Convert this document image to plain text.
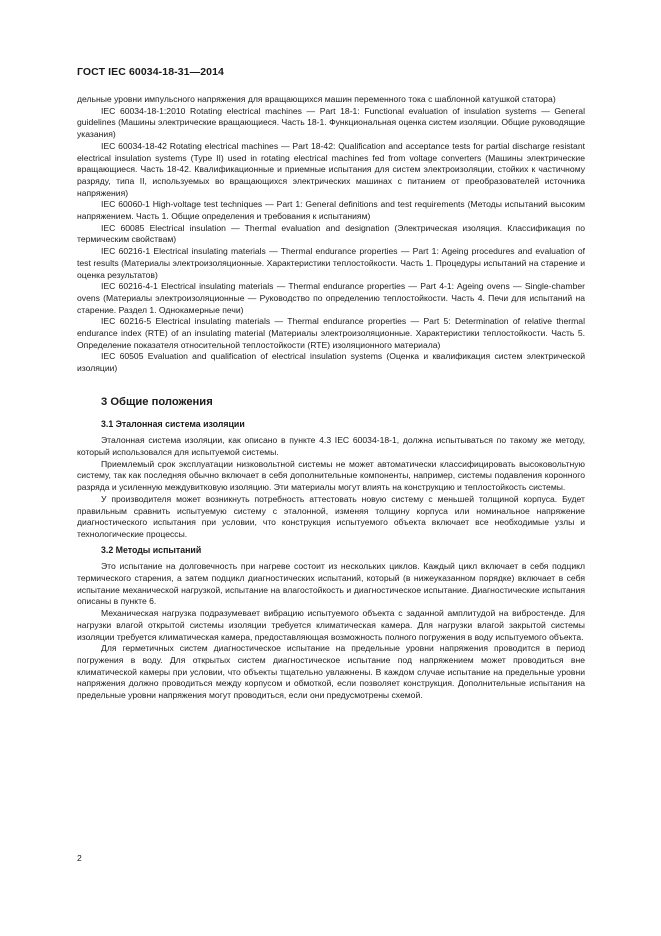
ГОСТ IEC 60034-18-31—2014

дельные уровни импульсного напряжения для вращающихся машин переменного тока с шаблонной катушкой статора)

IEC 60034-18-1:2010 Rotating electrical machines — Part 18-1: Functional evaluation of insulation systems — General guidelines (Машины электрические вращающиеся. Часть 18-1. Функциональная оценка систем изоляции. Общие руководящие указания)

IEC 60034-18-42 Rotating electrical machines — Part 18-42: Qualification and acceptance tests for partial discharge resistant electrical insulation systems (Type II) used in rotating electrical machines fed from voltage converters (Машины электрические вращающиеся. Часть 18-42. Квалификационные и приемные испытания для систем электроизоляции, стойких к частичному разряду, типа II, используемых во вращающихся электрических машинах с питанием от преобразователей источника напряжения)

IEC 60060-1 High-voltage test techniques — Part 1: General definitions and test requirements (Методы испытаний высоким напряжением. Часть 1. Общие определения и требования к испытаниям)

IEC 60085 Electrical insulation — Thermal evaluation and designation (Электрическая изоляция. Классификация по термическим свойствам)

IEC 60216-1 Electrical insulating materials — Thermal endurance properties — Part 1: Ageing procedures and evaluation of test results (Материалы электроизоляционные. Характеристики теплостойкости. Часть 1. Процедуры испытаний на старение и оценка результатов)

IEC 60216-4-1 Electrical insulating materials — Thermal endurance properties — Part 4-1: Ageing ovens — Single-chamber ovens (Материалы электроизоляционные — Руководство по определению теплостойкости. Часть 4. Печи для испытаний на старение. Раздел 1. Однокамерные печи)

IEC 60216-5 Electrical insulating materials — Thermal endurance properties — Part 5: Determination of relative thermal endurance index (RTE) of an insulating material (Материалы электроизоляционные. Характеристики теплостойкости. Часть 5. Определение показателя относительной теплостойкости (RTE) изоляционного материала)

IEC 60505 Evaluation and qualification of electrical insulation systems (Оценка и квалификация систем электрической изоляции)

3 Общие положения
3.1 Эталонная система изоляции

Эталонная система изоляции, как описано в пункте 4.3 IEC 60034-18-1, должна испытываться по такому же методу, который использовался для испытуемой системы.

Приемлемый срок эксплуатации низковольтной системы не может автоматически классифицировать высоковольтную систему, так как последняя обычно включает в себя дополнительные компоненты, например, системы подавления коронного разряда и усиленную междувитковую изоляцию. Эти материалы могут влиять на конструкцию и теплостойкость системы.

У производителя может возникнуть потребность аттестовать новую систему с меньшей толщиной корпуса. Будет правильным сравнить испытуемую систему с эталонной, изменяя толщину корпуса или номинальное напряжение диагностического испытания при условии, что конструкция испытуемого объекта включает все необходимые узлы и технологические процессы.

3.2 Методы испытаний

Это испытание на долговечность при нагреве состоит из нескольких циклов. Каждый цикл включает в себя подцикл термического старения, а затем подцикл диагностических испытаний, который (в нижеуказанном порядке) включает в себя испытание механической нагрузкой, испытание на влагостойкость и диагностическое испытание. Диагностические испытания описаны в пункте 6.

Механическая нагрузка подразумевает вибрацию испытуемого объекта с заданной амплитудой на вибростенде. Для нагрузки влагой открытой системы изоляции требуется климатическая камера. Для нагрузки влагой закрытой системы изоляции требуется климатическая камера, предоставляющая возможность полного погружения в воду испытуемого объекта.

Для герметичных систем диагностическое испытание на предельные уровни напряжения проводится в период погружения в воду. Для открытых систем диагностическое испытание под напряжением может проводиться вне климатической камеры при условии, что объекты тщательно увлажнены. В каждом случае испытание на предельные уровни напряжения должно проводиться между корпусом и обмоткой, если позволяет конструкция. Дополнительные испытания на предельные уровни напряжения могут проводиться, если они предусмотрены схемой.

2
